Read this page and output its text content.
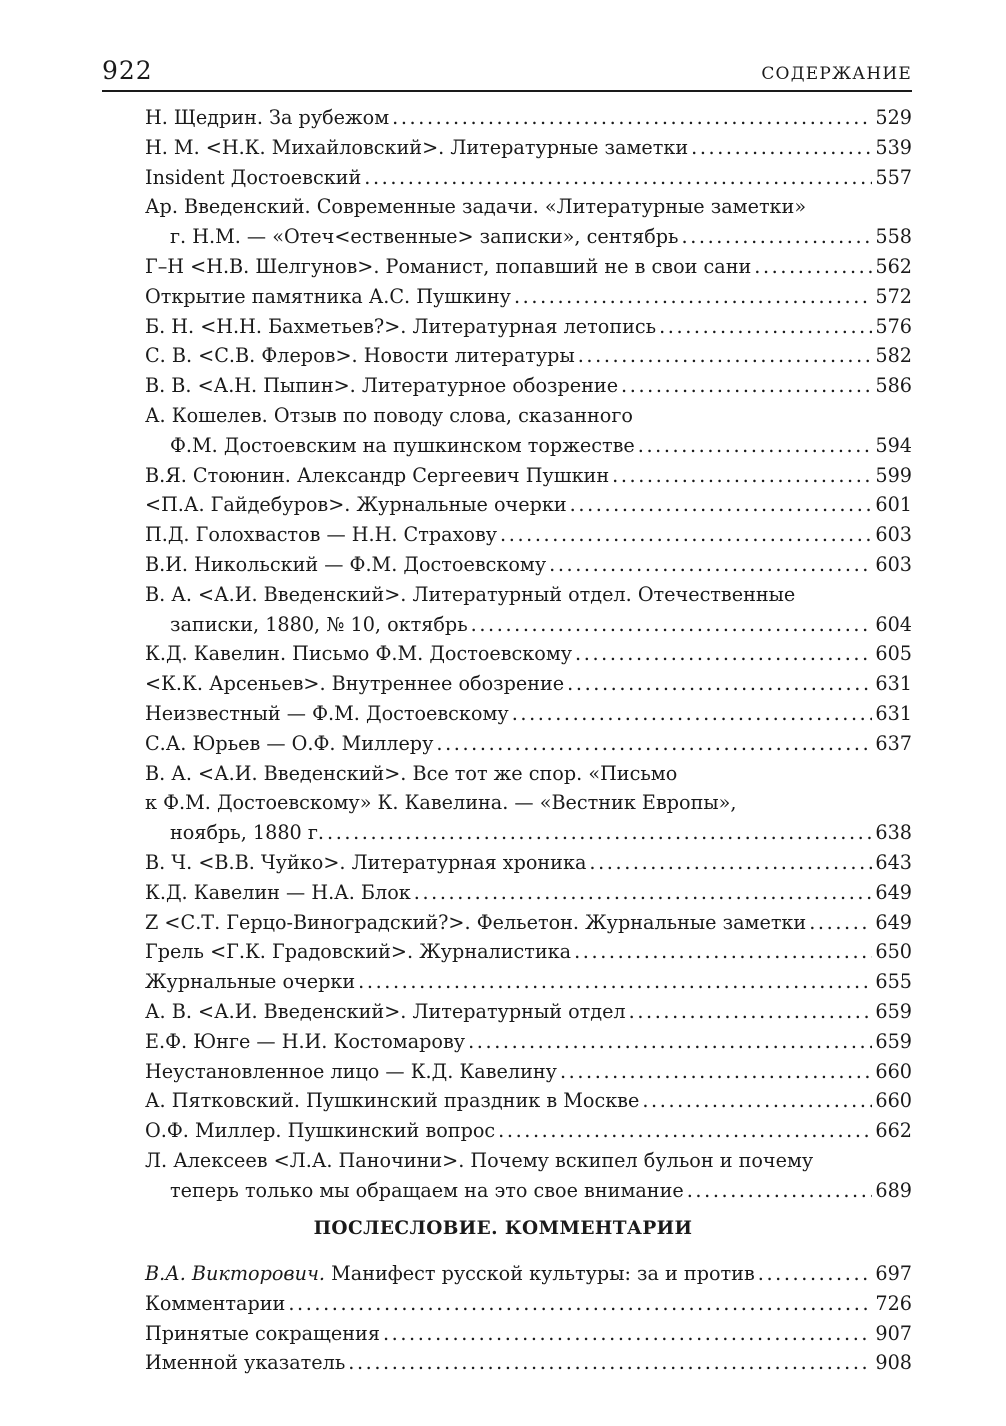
922	СОДЕРЖАНИЕ
Н. Щедрин. За рубежом .....	529
Н. М. <Н.К. Михайловский>. Литературные заметки .....	539
Insident Достоевский .....	557
Ар. Введенский. Современные задачи. «Литературные заметки»
г. Н.М. — «Отеч<ественные> записки», сентябрь .....	558
Г–Н <Н.В. Шелгунов>. Романист, попавший не в свои сани .....	562
Открытие памятника А.С. Пушкину .....	572
Б. Н. <Н.Н. Бахметьев?>. Литературная летопись .....	576
С. В. <С.В. Флеров>. Новости литературы .....	582
В. В. <А.Н. Пыпин>. Литературное обозрение .....	586
А. Кошелев. Отзыв по поводу слова, сказанного
Ф.М. Достоевским на пушкинском торжестве .....	594
В.Я. Стоюнин. Александр Сергеевич Пушкин .....	599
<П.А. Гайдебуров>. Журнальные очерки .....	601
П.Д. Голохвастов — Н.Н. Страхову .....	603
В.И. Никольский — Ф.М. Достоевскому .....	603
В. А. <А.И. Введенский>. Литературный отдел. Отечественные
записки, 1880, № 10, октябрь .....	604
К.Д. Кавелин. Письмо Ф.М. Достоевскому .....	605
<К.К. Арсеньев>. Внутреннее обозрение .....	631
Неизвестный — Ф.М. Достоевскому .....	631
С.А. Юрьев — О.Ф. Миллеру .....	637
В. А. <А.И. Введенский>. Все тот же спор. «Письмо
к Ф.М. Достоевскому» К. Кавелина. — «Вестник Европы»,
ноябрь, 1880 г. .....	638
В. Ч. <В.В. Чуйко>. Литературная хроника .....	643
К.Д. Кавелин — Н.А. Блок .....	649
Z <С.Т. Герцо-Виноградский?>. Фельетон. Журнальные заметки .....	649
Грель <Г.К. Градовский>. Журналистика .....	650
Журнальные очерки .....	655
А. В. <А.И. Введенский>. Литературный отдел .....	659
Е.Ф. Юнге — Н.И. Костомарову .....	659
Неустановленное лицо — К.Д. Кавелину .....	660
А. Пятковский. Пушкинский праздник в Москве .....	660
О.Ф. Миллер. Пушкинский вопрос .....	662
Л. Алексеев <Л.А. Паночини>. Почему вскипел бульон и почему
теперь только мы обращаем на это свое внимание .....	689
ПОСЛЕСЛОВИЕ. КОММЕНТАРИИ
В.А. Викторович. Манифест русской культуры: за и против .....	697
Комментарии .....	726
Принятые сокращения .....	907
Именной указатель .....	908
